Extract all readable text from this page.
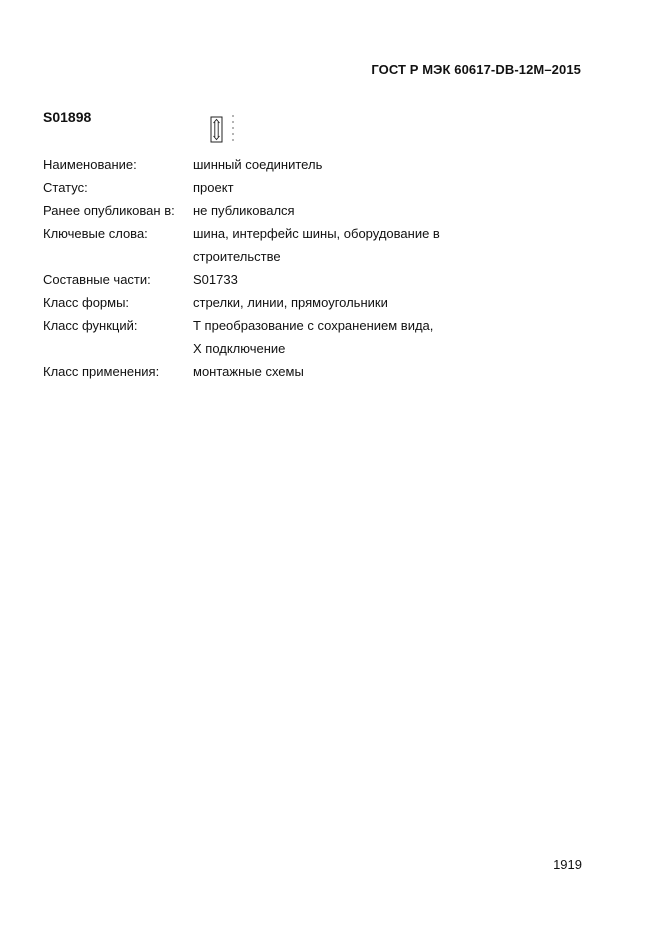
ГОСТ Р МЭК 60617-DB-12М–2015
S01898
Наименование:	шинный соединитель
Статус:	проект
Ранее опубликован в:	не публиковался
Ключевые слова:	шина, интерфейс шины, оборудование в
строительстве
Составные части:	S01733
Класс формы:	стрелки, линии, прямоугольники
Класс функций:	Т преобразование с сохранением вида,
Х подключение
Класс применения:	монтажные схемы
1919
